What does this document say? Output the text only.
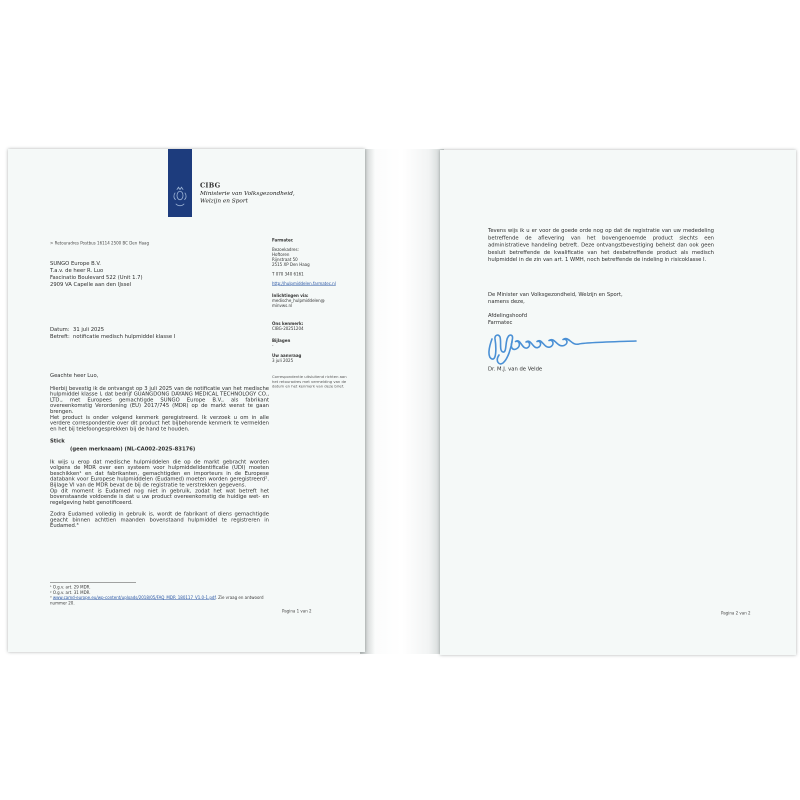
CIBG
Ministerie van Volksgezondheid,
Welzijn en Sport
> Retouradres Postbus 16114 2500 BC Den Haag
SUNGO Europe B.V.
T.a.v. de heer R. Luo
Fascinatio Boulevard 522 (Unit 1.7)
2909 VA Capelle aan den IJssel
Datum: 31 juli 2025
Betreft: notificatie medisch hulpmiddel klasse I

Geachte heer Luo,

Hierbij bevestig ik de ontvangst op 3 juli 2025 van de notificatie van het medische hulpmiddel klasse I, dat bedrijf GUANGDONG DAYANG MEDICAL TECHNOLOGY CO., LTD., met Europees gemachtigde SUNGO Europe B.V., als fabrikant overeenkomstig Verordening (EU) 2017/745 (MDR) op de markt wenst te gaan brengen.

Het product is onder volgend kenmerk geregistreerd. Ik verzoek u om in alle verdere correspondentie over dit product het bijbehorende kenmerk te vermelden en het bij telefoongesprekken bij de hand te houden.

Stick

(geen merknaam) (NL-CA002-2025-83176)

Ik wijs u erop dat medische hulpmiddelen die op de markt gebracht worden volgens de MDR over een systeem voor hulpmiddelidentificatie (UDI) moeten beschikken¹ en dat fabrikanten, gemachtigden en importeurs in de Europese databank voor Europese hulpmiddelen (Eudamed) moeten worden geregistreerd². Bijlage VI van de MDR bevat de bij de registratie te verstrekken gegevens.

Op dit moment is Eudamed nog niet in gebruik, zodat het wat betreft het bovenstaande voldoende is dat u uw product overeenkomstig de huidige wet- en regelgeving hebt genotificeerd.

Zodra Eudamed volledig in gebruik is, wordt de fabrikant of diens gemachtigde geacht binnen achttien maanden bovenstaand hulpmiddel te registreren in Eudamed.³

¹ O.g.v. art. 29 MDR.
² O.g.v. art. 31 MDR.
³ www.camd-europe.eu/wp-content/uploads/2018/05/FAQ_MDR_180117_V1.0-1.pdf. Zie vraag en antwoord nummer 20.
Pagina 1 van 2
Farmatec
Bezoekadres:
Hoftoren
Rijnstraat 50
2515 XP Den Haag
T 070 340 6161
http://hulpmiddelen.farmatec.nl
Inlichtingen via:
medische_hulpmiddelen@
minvws.nl
Ons kenmerk:
CIBG-20251204
Bijlagen
-
Uw aanvraag
3 juli 2025
Correspondentie uitsluitend richten aan het retouradres met vermelding van de datum en het kenmerk van deze brief.

Tevens wijs ik u er voor de goede orde nog op dat de registratie van uw mededeling betreffende de aflevering van het bovengenoemde product slechts een administratieve handeling betreft. Deze ontvangstbevestiging behelst dan ook geen besluit betreffende de kwalificatie van het desbetreffende product als medisch hulpmiddel in de zin van art. 1 WMH, noch betreffende de indeling in risicoklasse I.

De Minister van Volksgezondheid, Welzijn en Sport,
namens deze,
Afdelingshoofd
Farmatec
Dr. M.J. van de Velde
Pagina 2 van 2
